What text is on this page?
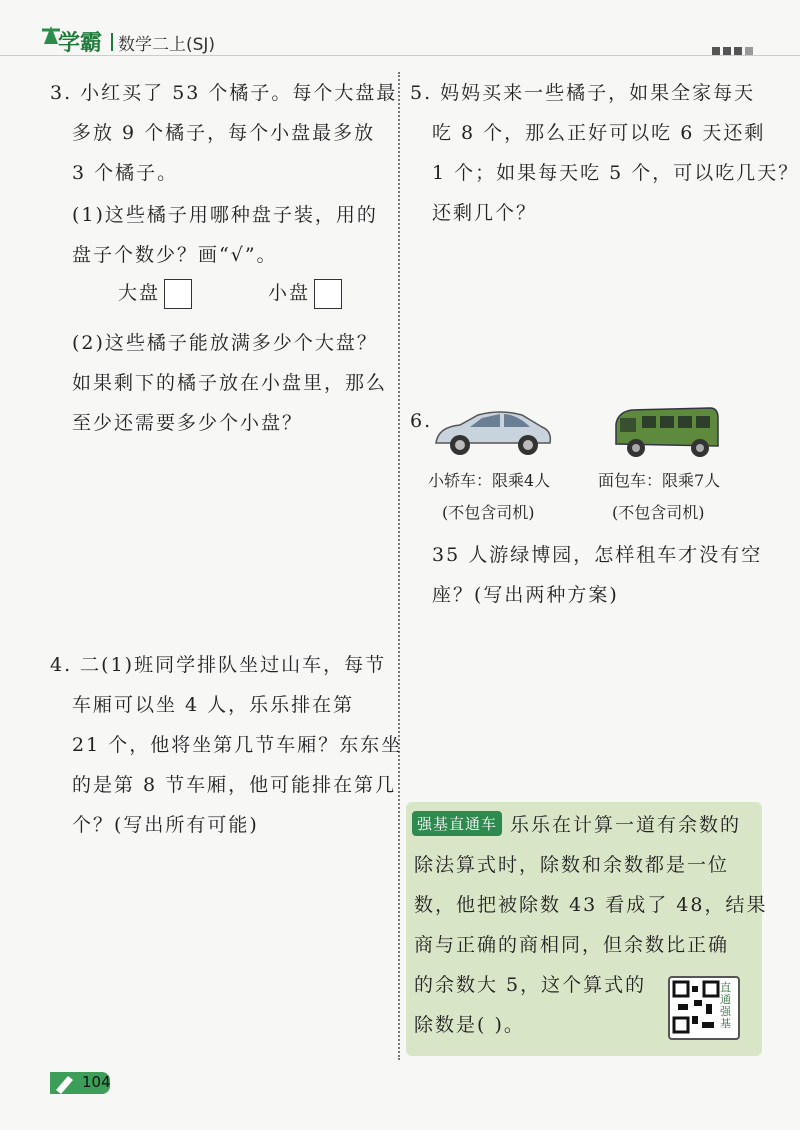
学霸 数学二上(SJ)
3. 小红买了 53 个橘子。每个大盘最
多放 9 个橘子，每个小盘最多放
3 个橘子。
(1)这些橘子用哪种盘子装，用的
盘子个数少？画“√”。
大盘	小盘
(2)这些橘子能放满多少个大盘？
如果剩下的橘子放在小盘里，那么
至少还需要多少个小盘？
4. 二(1)班同学排队坐过山车，每节
车厢可以坐 4 人，乐乐排在第
21 个，他将坐第几节车厢？东东坐
的是第 8 节车厢，他可能排在第几
个？(写出所有可能)
5. 妈妈买来一些橘子，如果全家每天
吃 8 个，那么正好可以吃 6 天还剩
1 个；如果每天吃 5 个，可以吃几天？
还剩几个？
6.
小轿车：限乘4人
(不包含司机)
面包车：限乘7人
(不包含司机)
35 人游绿博园，怎样租车才没有空
座？(写出两种方案)
强基直通车 乐乐在计算一道有余数的
除法算式时，除数和余数都是一位
数，他把被除数 43 看成了 48，结果
商与正确的商相同，但余数比正确
的余数大 5，这个算式的
除数是( )。
直通强基
104
